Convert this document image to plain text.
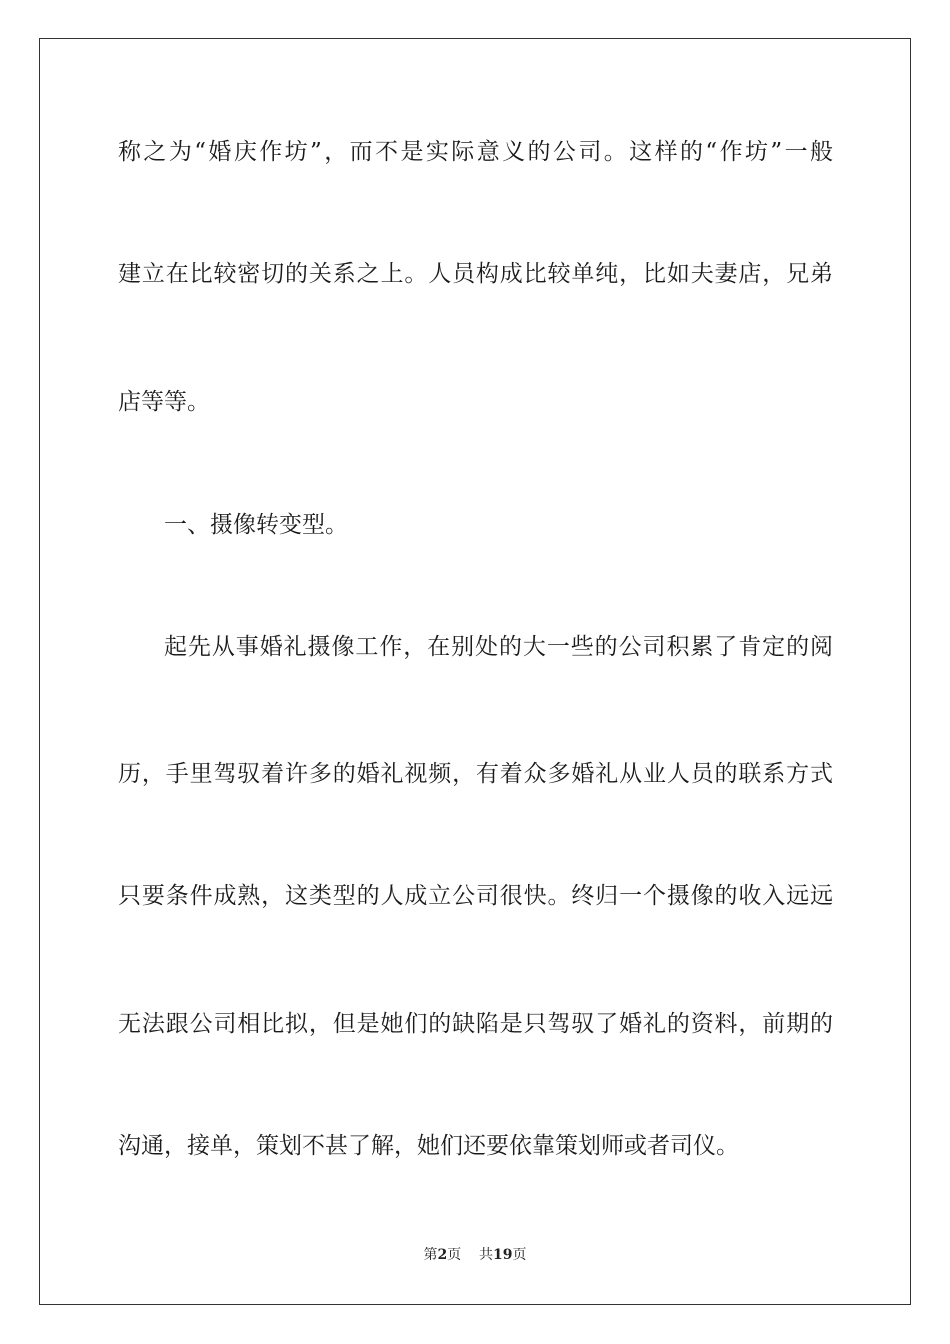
称之为“婚庆作坊”，而不是实际意义的公司。这样的“作坊”一般
建立在比较密切的关系之上。人员构成比较单纯，比如夫妻店，兄弟
店等等。
一、摄像转变型。
起先从事婚礼摄像工作，在别处的大一些的公司积累了肯定的阅
历，手里驾驭着许多的婚礼视频，有着众多婚礼从业人员的联系方式
只要条件成熟，这类型的人成立公司很快。终归一个摄像的收入远远
无法跟公司相比拟，但是她们的缺陷是只驾驭了婚礼的资料，前期的
沟通，接单，策划不甚了解，她们还要依靠策划师或者司仪。
第2页 共19页
